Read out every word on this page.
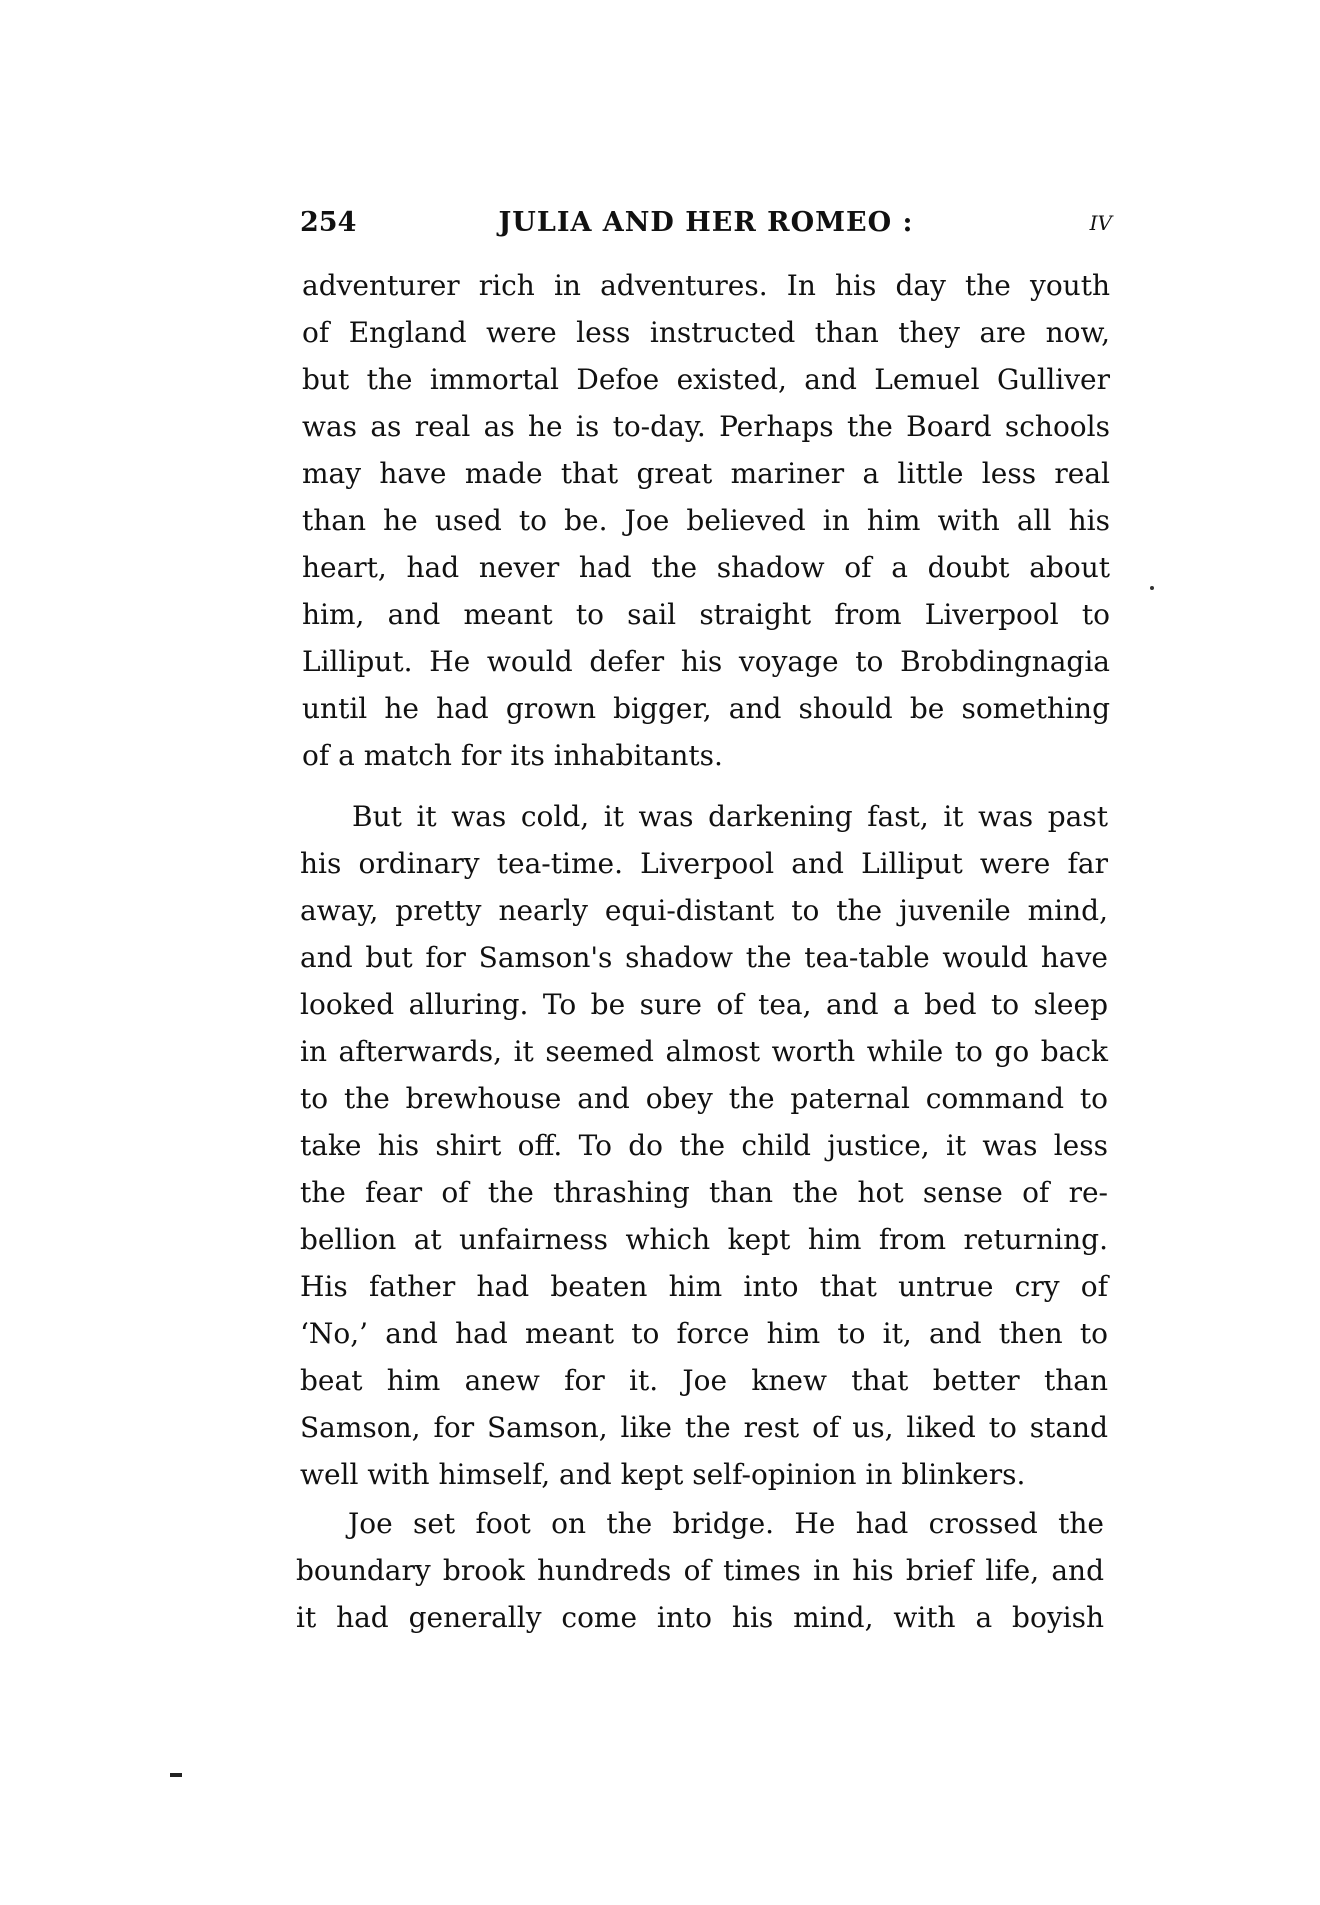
254	JULIA AND HER ROMEO :	IV
adventurer rich in adventures. In his day the youth
of England were less instructed than they are now,
but the immortal Defoe existed, and Lemuel Gulliver
was as real as he is to-day. Perhaps the Board schools
may have made that great mariner a little less real
than he used to be. Joe believed in him with all his
heart, had never had the shadow of a doubt about
him, and meant to sail straight from Liverpool to
Lilliput. He would defer his voyage to Brobdingnagia
until he had grown bigger, and should be something
of a match for its inhabitants.
But it was cold, it was darkening fast, it was past
his ordinary tea-time. Liverpool and Lilliput were far
away, pretty nearly equi-distant to the juvenile mind,
and but for Samson's shadow the tea-table would have
looked alluring. To be sure of tea, and a bed to sleep
in afterwards, it seemed almost worth while to go back
to the brewhouse and obey the paternal command to
take his shirt off. To do the child justice, it was less
the fear of the thrashing than the hot sense of re-
bellion at unfairness which kept him from returning.
His father had beaten him into that untrue cry of
‘No,’ and had meant to force him to it, and then to
beat him anew for it. Joe knew that better than
Samson, for Samson, like the rest of us, liked to stand
well with himself, and kept self-opinion in blinkers.
Joe set foot on the bridge. He had crossed the
boundary brook hundreds of times in his brief life, and
it had generally come into his mind, with a boyish
